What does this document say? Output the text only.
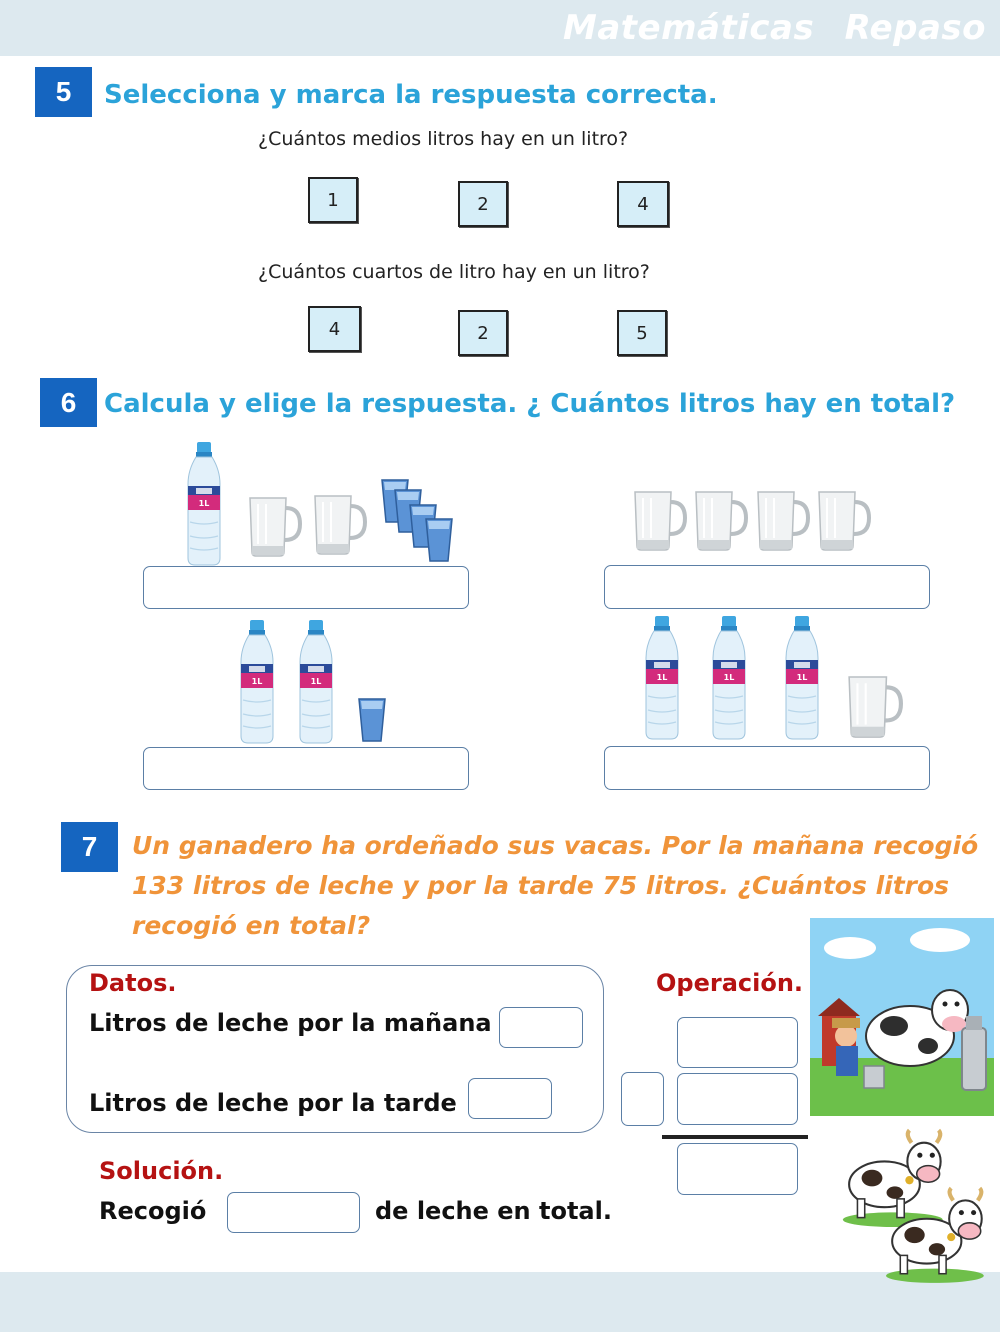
Matemáticas Repaso
5	Selecciona y marca la respuesta correcta.
¿Cuántos medios litros hay en un litro?
1	2	4
¿Cuántos cuartos de litro hay en un litro?
4	2	5
6	Calcula y elige la respuesta. ¿ Cuántos litros hay en total?
7	Un ganadero ha ordeñado sus vacas. Por la mañana recogió 133 litros de leche y por la tarde 75 litros. ¿Cuántos litros recogió en total?
Datos.
Litros de leche por la mañana
Litros de leche por la tarde
Operación.
Solución.
Recogió	de leche en total.
